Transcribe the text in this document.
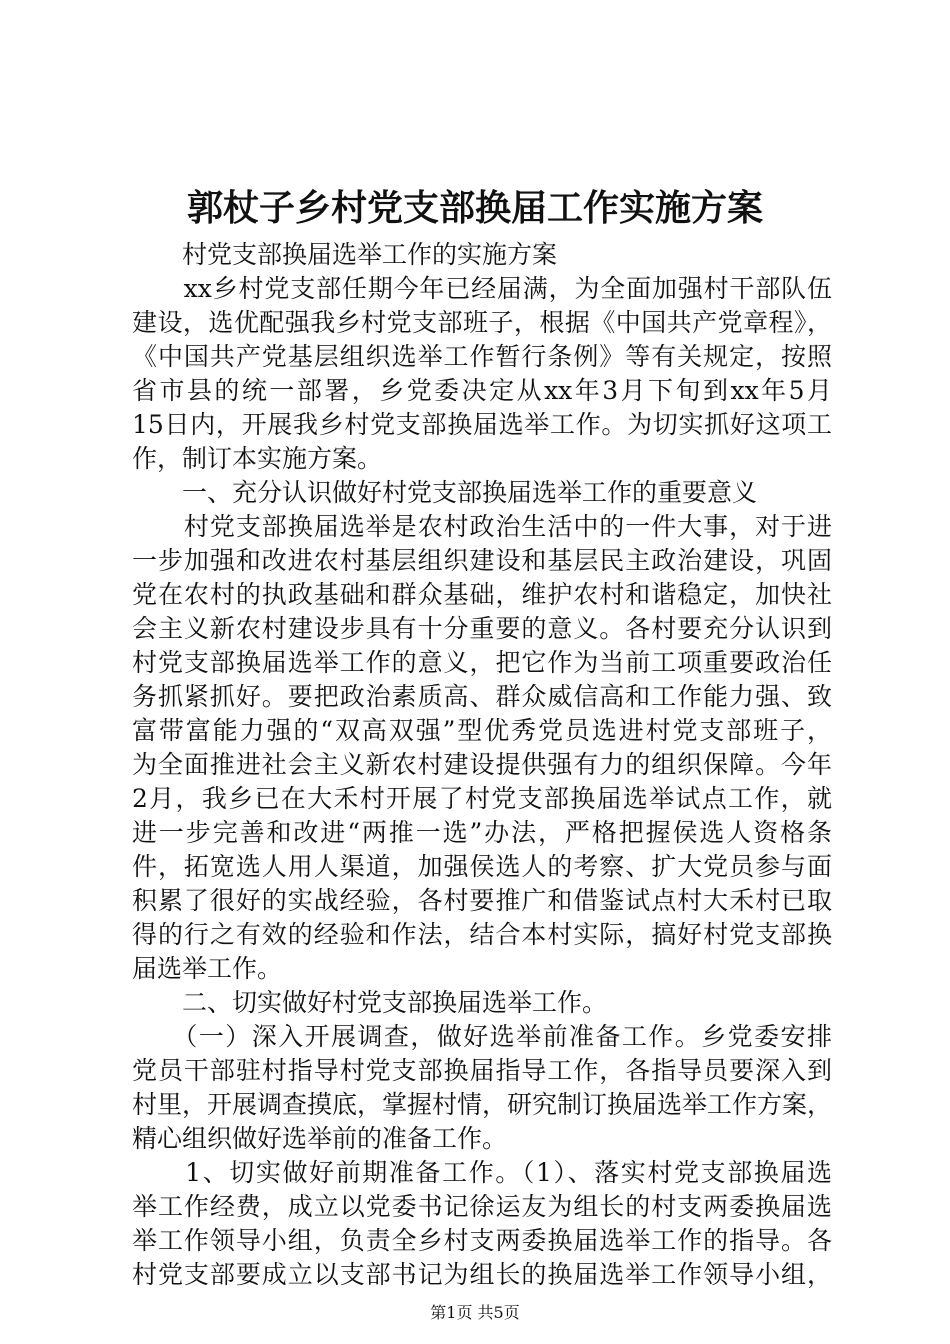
郭杖子乡村党支部换届工作实施方案
　　村党支部换届选举工作的实施方案
　　xx乡村党支部任期今年已经届满，为全面加强村干部队伍
建设，选优配强我乡村党支部班子，根据《中国共产党章程》，
《中国共产党基层组织选举工作暂行条例》等有关规定，按照
省市县的统一部署，乡党委决定从xx年3月下旬到xx年5月
15日内，开展我乡村党支部换届选举工作。为切实抓好这项工
作，制订本实施方案。
　　一、充分认识做好村党支部换届选举工作的重要意义
　　村党支部换届选举是农村政治生活中的一件大事，对于进
一步加强和改进农村基层组织建设和基层民主政治建设，巩固
党在农村的执政基础和群众基础，维护农村和谐稳定，加快社
会主义新农村建设步具有十分重要的意义。各村要充分认识到
村党支部换届选举工作的意义，把它作为当前工项重要政治任
务抓紧抓好。要把政治素质高、群众威信高和工作能力强、致
富带富能力强的“双高双强”型优秀党员选进村党支部班子，
为全面推进社会主义新农村建设提供强有力的组织保障。今年
2月，我乡已在大禾村开展了村党支部换届选举试点工作，就
进一步完善和改进“两推一选”办法，严格把握侯选人资格条
件，拓宽选人用人渠道，加强侯选人的考察、扩大党员参与面
积累了很好的实战经验，各村要推广和借鉴试点村大禾村已取
得的行之有效的经验和作法，结合本村实际，搞好村党支部换
届选举工作。
　　二、切实做好村党支部换届选举工作。
　　（一）深入开展调查，做好选举前准备工作。乡党委安排
党员干部驻村指导村党支部换届指导工作，各指导员要深入到
村里，开展调查摸底，掌握村情，研究制订换届选举工作方案，
精心组织做好选举前的准备工作。
　　1、切实做好前期准备工作。（1）、落实村党支部换届选
举工作经费，成立以党委书记徐运友为组长的村支两委换届选
举工作领导小组，负责全乡村支两委换届选举工作的指导。各
村党支部要成立以支部书记为组长的换届选举工作领导小组，
第1页 共5页
